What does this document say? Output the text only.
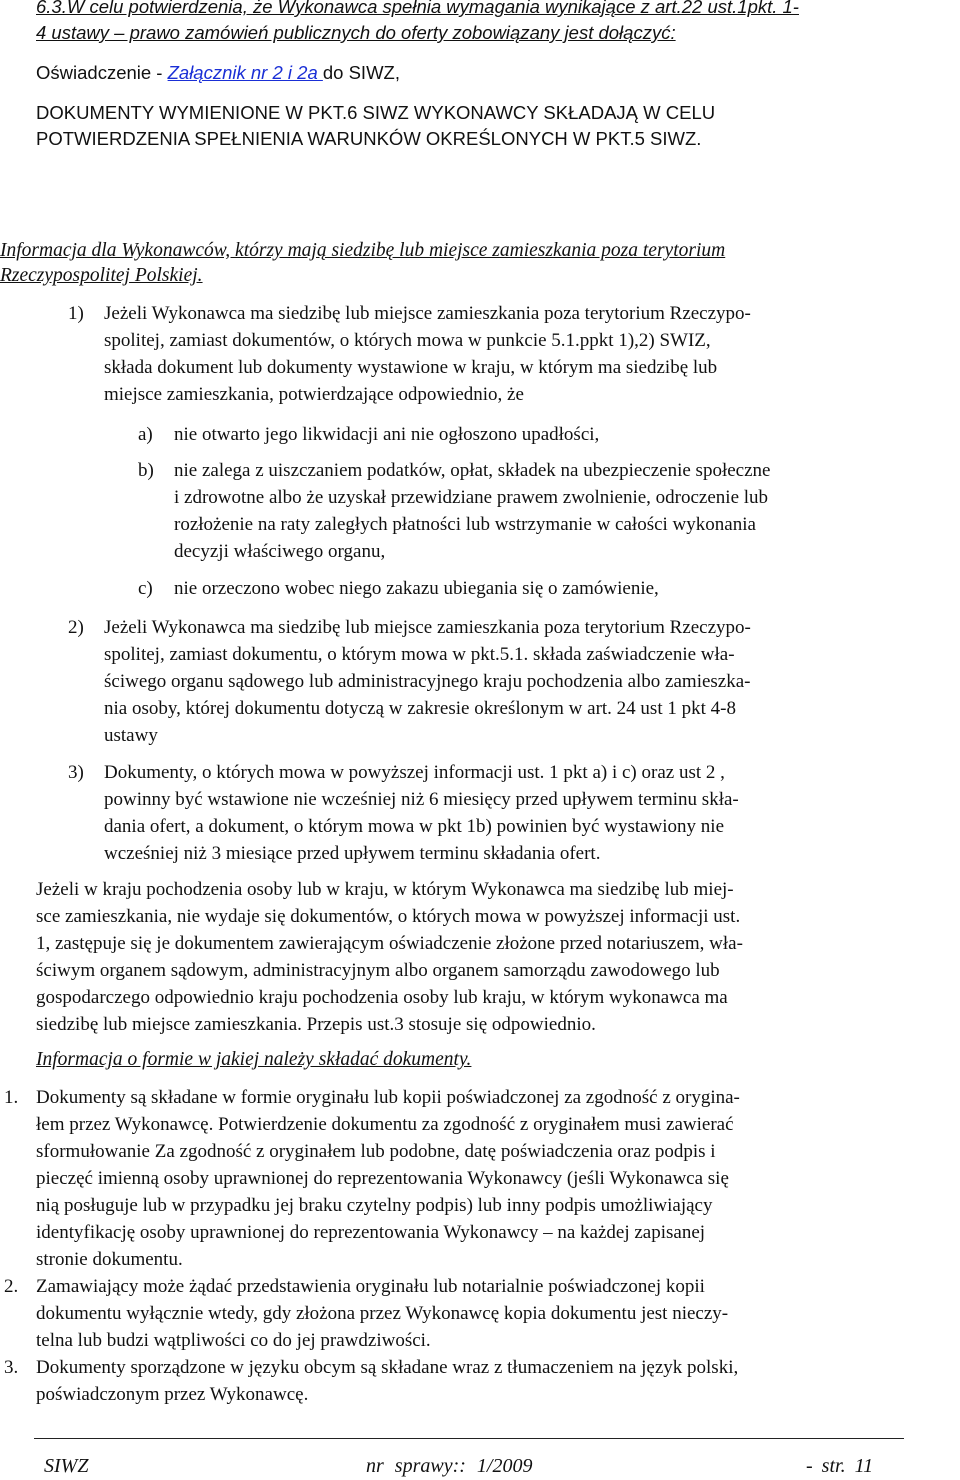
6.3.W celu potwierdzenia, że Wykonawca spełnia wymagania wynikające z art.22 ust.1pkt. 1-

4 ustawy – prawo zamówień publicznych do oferty zobowiązany jest dołączyć:

Oświadczenie - Załącznik nr 2 i 2a do SIWZ,

DOKUMENTY WYMIENIONE W PKT.6 SIWZ WYKONAWCY SKŁADAJĄ W CELU

POTWIERDZENIA SPEŁNIENIA WARUNKÓW OKREŚLONYCH W PKT.5 SIWZ.

Informacja dla Wykonawców, którzy mają siedzibę lub miejsce zamieszkania poza terytorium

Rzeczypospolitej Polskiej.

1) Jeżeli Wykonawca ma siedzibę lub miejsce zamieszkania poza terytorium Rzeczypo-
spolitej, zamiast dokumentów, o których mowa w punkcie 5.1.ppkt 1),2) SWIZ,
składa dokument lub dokumenty wystawione w kraju, w którym ma siedzibę lub
miejsce zamieszkania, potwierdzające odpowiednio, że

a) nie otwarto jego likwidacji ani nie ogłoszono upadłości,

b) nie zalega z uiszczaniem podatków, opłat, składek na ubezpieczenie społeczne
i zdrowotne albo że uzyskał przewidziane prawem zwolnienie, odroczenie lub
rozłożenie na raty zaległych płatności lub wstrzymanie w całości wykonania
decyzji właściwego organu,

c) nie orzeczono wobec niego zakazu ubiegania się o zamówienie,

2) Jeżeli Wykonawca ma siedzibę lub miejsce zamieszkania poza terytorium Rzeczypo-
spolitej, zamiast dokumentu, o którym mowa w pkt.5.1. składa zaświadczenie wła-
ściwego organu sądowego lub administracyjnego kraju pochodzenia albo zamieszka-
nia osoby, której dokumentu dotyczą w zakresie określonym w art. 24 ust 1 pkt 4-8
ustawy

3) Dokumenty, o których mowa w powyższej informacji ust. 1 pkt a) i c) oraz ust 2 ,
powinny być wstawione nie wcześniej niż 6 miesięcy przed upływem terminu skła-
dania ofert, a dokument, o którym mowa w pkt 1b) powinien być wystawiony nie
wcześniej niż 3 miesiące przed upływem terminu składania ofert.

Jeżeli w kraju pochodzenia osoby lub w kraju, w którym Wykonawca ma siedzibę lub miej-
sce zamieszkania, nie wydaje się dokumentów, o których mowa w powyższej informacji ust.
1, zastępuje się je dokumentem zawierającym oświadczenie złożone przed notariuszem, wła-
ściwym organem sądowym, administracyjnym albo organem samorządu zawodowego lub
gospodarczego odpowiednio kraju pochodzenia osoby lub kraju, w którym wykonawca ma
siedzibę lub miejsce zamieszkania. Przepis ust.3 stosuje się odpowiednio.

Informacja o formie w jakiej należy składać dokumenty.

1. Dokumenty są składane w formie oryginału lub kopii poświadczonej za zgodność z orygina-
łem przez Wykonawcę. Potwierdzenie dokumentu za zgodność z oryginałem musi zawierać
sformułowanie Za zgodność z oryginałem lub podobne, datę poświadczenia oraz podpis i
pieczęć imienną osoby uprawnionej do reprezentowania Wykonawcy (jeśli Wykonawca się
nią posługuje lub w przypadku jej braku czytelny podpis) lub inny podpis umożliwiający
identyfikację osoby uprawnionej do reprezentowania Wykonawcy – na każdej zapisanej
stronie dokumentu.

2. Zamawiający może żądać przedstawienia oryginału lub notarialnie poświadczonej kopii
dokumentu wyłącznie wtedy, gdy złożona przez Wykonawcę kopia dokumentu jest nieczy-
telna lub budzi wątpliwości co do jej prawdziwości.

3. Dokumenty sporządzone w języku obcym są składane wraz z tłumaczeniem na język polski,
poświadczonym przez Wykonawcę.

SIWZ	nr sprawy:: 1/2009	- str. 11
